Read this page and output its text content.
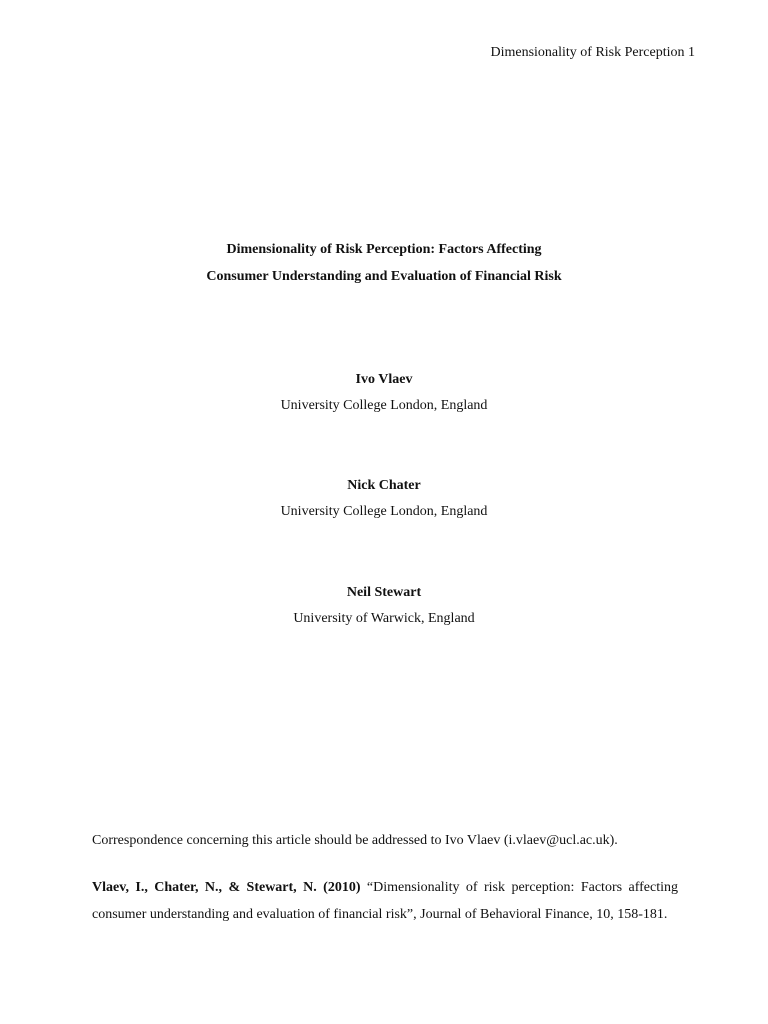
Dimensionality of Risk Perception 1
Dimensionality of Risk Perception: Factors Affecting
Consumer Understanding and Evaluation of Financial Risk
Ivo Vlaev
University College London, England
Nick Chater
University College London, England
Neil Stewart
University of Warwick, England
Correspondence concerning this article should be addressed to Ivo Vlaev (i.vlaev@ucl.ac.uk).
Vlaev, I., Chater, N., & Stewart, N. (2010) “Dimensionality of risk perception: Factors affecting consumer understanding and evaluation of financial risk”, Journal of Behavioral Finance, 10, 158-181.
